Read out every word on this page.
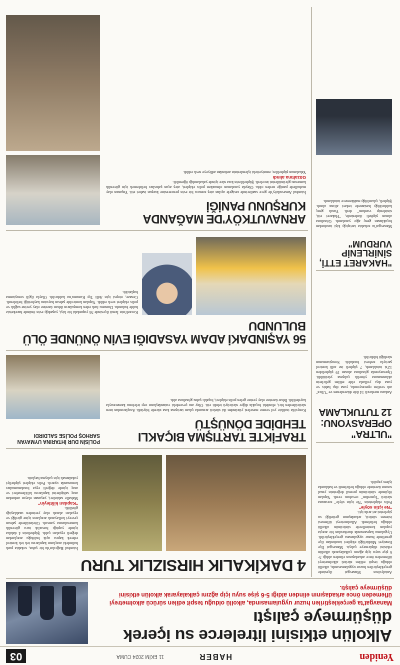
Yeniden
HABER
11 EKİM 2024 CUMA
03
Alkolün etkisini litrelerce su içerek düşürmeye çalıştı
Manavgat'ta gerçekleştirilen huzur uygulamasında, alkollü olduğu tespit edilen sürücü alkolmetreyi üflemeden önce arkadaşının elinden aldığı 5-6 şişe suyu içip ağzını çalkalayarak alkolün etkisini düşürmeye çalıştı.
Antalya'nın Manavgat ilçesinde gerçekleştirilen huzur uygulamasında, alkollü olduğu tespit edilen sürücü alkolmetreyi üflemeden önce arkadaşının elinden aldığı 5-6 şişe suyu içip ağzını çalkalayarak alkolün etkisini düşürmeye çalıştı. Manavgat İlçe Emniyet Müdürlüğü ekipleri tarafından ilçe genelinde huzur uygulaması gerçekleştirildi. Uygulama kapsamında durdurulan bir araçta yapılan kontrollerde sürücünün alkollü olduğu belirlendi. Alkolmetreyi üflemesi istenen sürücü, arkadaşının getirdiği su şişelerini art arda içti.
"Ne içtin söyle"
Polis ekiplerinin "Ne içtin söyle" sorusuna sürücü "İçmedim" cevabını verdi. Yapılan ölçümde sürücünün promil değerinin yasal sınırın üzerinde olduğu belirlendi ve hakkında işlem yapıldı.
"ULTRA" OPERASYONU: 12 TUTUKLAMA
Ankara merkezli 14 ilde düzenlenen ve "Ultra" adı verilen operasyonda, yasa dışı bahis ve yasa dışı yollarla elde edilen gelirlerin aklanmasına yönelik çalışma yürütüldü. Operasyonda gözaltına alınan 19 şüpheliden 12'si tutuklandı, 7 şüpheli ise adli kontrol şartıyla serbest bırakıldı. Soruşturmanın sürdüğü bildirildi.
"HAKARET ETTİ, SİNİRLENİP VURDUM"
Manavgat'ta sokakta tartıştığı kişi tarafından bıçaklanan genç ağır yaralandı. Gözaltına alınan şüpheli ifadesinde, "Hakaret etti, sinirlenip vurdum" dedi. Yaralı genç kaldırıldığı hastanede tedavi altına alındı. Şüpheli, çıkarıldığı mahkemece tutuklandı.
4 DAKİKALIK HIRSIZLIK TURU
İstanbul Bağcılar'da bir şahıs, sokakta park halindeki araçların kapılarını tek tek kontrol ederek kapısı açık bulduğu araçlardan değerli eşyaları çaldı. Şüphelinin 4 dakika içinde yaptığı hırsızlık turu güvenlik kameralarına yansıdı. Görüntülerde şahsın çevreyi kollayarak araçların içine girdiği ve eşyaları alarak olay yerinden uzaklaştığı görüldü.
"Kapıları kilitleyin"
Mahalle sakinleri, yaşanan olayın ardından araç sahiplerini kapılarını kilitlemeleri ve araç içinde değerli eşya bırakmamaları konusunda uyardı. Polis ekipleri şüpheliyi yakalamak için çalışma başlattı.
POLİSİN DUR İHTARINA UYMAYAN SARHOŞ POLİSE SALDIRDI	TRAFİKTE TARTIŞMA BIÇAKLI TEHDİDE DÖNÜŞTÜ
Konya'da trafikte yol verme meselesi yüzünden iki sürücü arasında çıkan tartışma kısa sürede büyüdü. Araçlarından inen sürücülerden biri, elindeki bıçakla diğer sürücüyü tehdit etti. Olay anı çevredeki vatandaşların cep telefonu kamerasıyla kaydedildi. İhbar üzerine olay yerine gelen polis ekipleri, bıçaklı şahsı gözaltına aldı.
56 YAŞINDAKİ ADAM YASADIĞI EVİN ÖNÜNDE ÖLÜ BULUNDU
Kocaeli'nin İzmit ilçesinde 56 yaşındaki bir kişi, yaşadığı evin önünde hareketsiz halde bulundu. Durumu fark eden komşuların ihbarı üzerine olay yerine sağlık ve polis ekipleri sevk edildi. Yapılan kontrolde şahsın hayatını kaybettiği belirlendi. Cenaze, otopsi için Adli Tıp Kurumu'na kaldırıldı. Olayla ilgili soruşturma başlatıldı.
ARNAVUTKÖY'DE MAĞANDA KURŞUNU PANİĞİ
İstanbul Arnavutköy'de gece saatlerinde rastgele açılan ateş sonucu bir evin penceresine kurşun isabet etti. Yaşanan olay mahallede paniğe neden oldu. Olayda yaralanan olmazken polis ekipleri, ateş açan şahısları belirlemek için güvenlik kamerası görüntülerini inceledi. Şüphelilerin kısa süre içinde yakalandığı öğrenildi.
Gözaltına alındı
Yakalanan şüpheliler, emniyetteki işlemlerinin ardından adliyeye sevk edildi.
